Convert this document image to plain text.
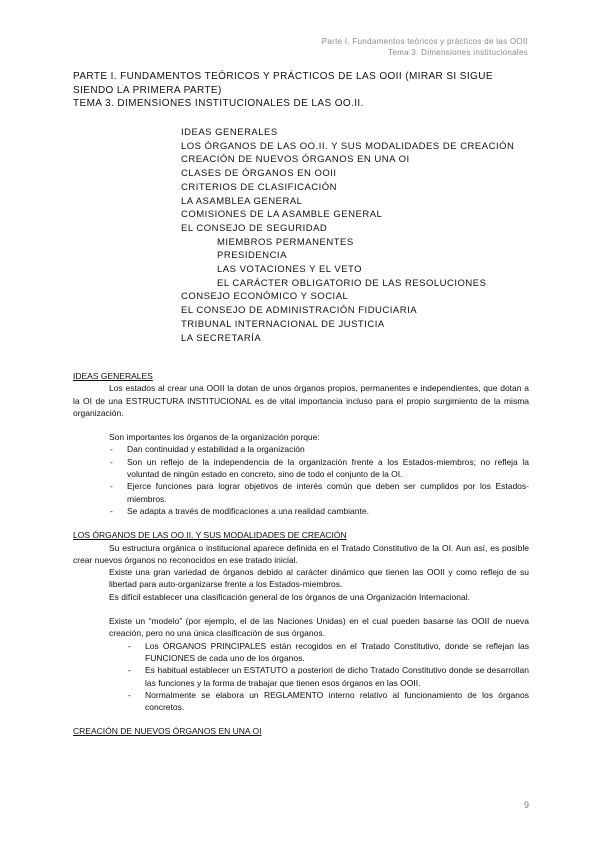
Parte I. Fundamentos teóricos y prácticos de las OOII
Tema 3. Dimensiones institucionales
PARTE I. FUNDAMENTOS TEÓRICOS Y PRÁCTICOS DE LAS OOII (MIRAR SI SIGUE SIENDO LA PRIMERA PARTE)
TEMA 3. DIMENSIONES INSTITUCIONALES DE LAS OO.II.
IDEAS GENERALES
LOS ÓRGANOS DE LAS OO.II. Y SUS MODALIDADES DE CREACIÓN
CREACIÓN DE NUEVOS ÓRGANOS EN UNA OI
CLASES DE ÓRGANOS EN OOII
CRITERIOS DE CLASIFICACIÓN
LA ASAMBLEA GENERAL
COMISIONES DE LA ASAMBLE GENERAL
EL CONSEJO DE SEGURIDAD
MIEMBROS PERMANENTES
PRESIDENCIA
LAS VOTACIONES Y EL VETO
EL CARÁCTER OBLIGATORIO DE LAS RESOLUCIONES
CONSEJO ECONÓMICO Y SOCIAL
EL CONSEJO DE ADMINISTRACIÓN FIDUCIARIA
TRIBUNAL INTERNACIONAL DE JUSTICIA
LA SECRETARÍA

IDEAS GENERALES

Los estados al crear una OOII la dotan de unos órganos propios, permanentes e independientes, que dotan a la OI de una ESTRUCTURA INSTITUCIONAL es de vital importancia incluso para el propio surgimiento de la misma organización.

Son importantes los órganos de la organización porque:

- Dan continuidad y estabilidad a la organización
- Son un reflejo de la independencia de la organización frente a los Estados-miembros; no refleja la voluntad de ningún estado en concreto, sino de todo el conjunto de la OI.
- Ejerce funciones para lograr objetivos de interés común que deben ser cumplidos por los Estados-miembros.
- Se adapta a través de modificaciones a una realidad cambiante.

LOS ÓRGANOS DE LAS OO.II. Y SUS MODALIDADES DE CREACIÓN

Su estructura orgánica o institucional aparece definida en el Tratado Constitutivo de la OI. Aun así, es posible crear nuevos órganos no reconocidos en ese tratado inicial.

Existe una gran variedad de órganos debido al carácter dinámico que tienen las OOII y como reflejo de su libertad para auto-organizarse frente a los Estados-miembros.

Es difícil establecer una clasificación general de los órganos de una Organización Internacional.

Existe un “modelo” (por ejemplo, el de las Naciones Unidas) en el cual pueden basarse las OOII de nueva creación, pero no una única clasificación de sus órganos.

- Los ÓRGANOS PRINCIPALES están recogidos en el Tratado Constitutivo, donde se reflejan las FUNCIONES de cada uno de los órganos.
- Es habitual establecer un ESTATUTO a posteriori de dicho Tratado Constitutivo donde se desarrollan las funciones y la forma de trabajar que tienen esos órganos en las OOII.
- Normalmente se elabora un REGLAMENTO interno relativo al funcionamiento de los órganos concretos.

CREACIÓN DE NUEVOS ÓRGANOS EN UNA OI

9
